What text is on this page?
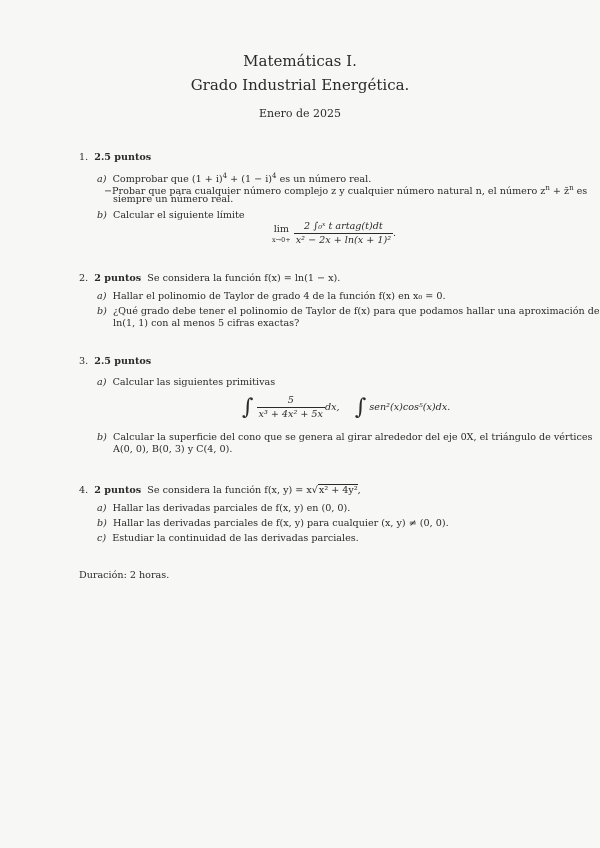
Matemáticas I.
Grado Industrial Energética.
Enero de 2025
1. 2.5 puntos
a) Comprobar que $(1 + i)^4 + (1 - i)^4$ es un número real.
−Probar que para cualquier número complejo z y cualquier número natural n, el número $z^n$ + z̄$^n$ es
siempre un número real.
b) Calcular el siguiente límite
lim
x→0+
$\frac{\text{2 ∫₀ˣ t artag(t)dt}}{\text{x² − 2x + ln(x + 1)²}}$ .
2. 2 puntos Se considera la función f(x) = ln(1 − x).
a) Hallar el polinomio de Taylor de grado 4 de la función f(x) en x₀ = 0.
b) ¿Qué grado debe tener el polinomio de Taylor de f(x) para que podamos hallar una aproximación de
ln(1, 1) con al menos 5 cifras exactas?
3. 2.5 puntos
a) Calcular las siguientes primitivas
∫ $\frac{5}{\text{x³ + 4x² + 5x}}$ dx, ∫ sen²(x)cos⁵(x)dx.
b) Calcular la superficie del cono que se genera al girar alrededor del eje 0X, el triángulo de vértices
A(0, 0), B(0, 3) y C(4, 0).
4. 2 puntos Se considera la función f(x, y) = x√x² + 4y²,
a) Hallar las derivadas parciales de f(x, y) en (0, 0).
b) Hallar las derivadas parciales de f(x, y) para cualquier (x, y) ≠ (0, 0).
c) Estudiar la continuidad de las derivadas parciales.
Duración: 2 horas.
